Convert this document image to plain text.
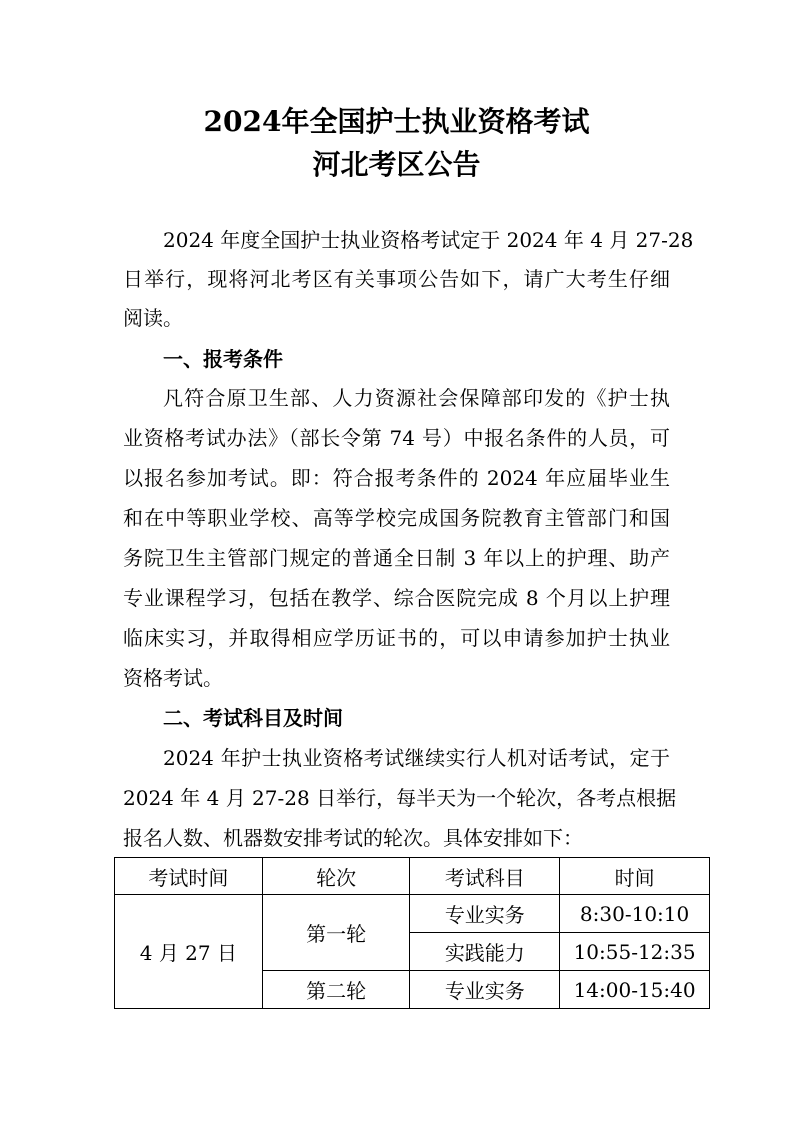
2024年全国护士执业资格考试
河北考区公告
2024 年度全国护士执业资格考试定于 2024 年 4 月 27-28
日举行，现将河北考区有关事项公告如下，请广大考生仔细
阅读。
一、报考条件
凡符合原卫生部、人力资源社会保障部印发的《护士执
业资格考试办法》（部长令第 74 号）中报名条件的人员，可
以报名参加考试。即：符合报考条件的 2024 年应届毕业生
和在中等职业学校、高等学校完成国务院教育主管部门和国
务院卫生主管部门规定的普通全日制 3 年以上的护理、助产
专业课程学习，包括在教学、综合医院完成 8 个月以上护理
临床实习，并取得相应学历证书的，可以申请参加护士执业
资格考试。
二、考试科目及时间
2024 年护士执业资格考试继续实行人机对话考试，定于
2024 年 4 月 27-28 日举行，每半天为一个轮次，各考点根据
报名人数、机器数安排考试的轮次。具体安排如下：
考试时间	轮次	考试科目	时间
4 月 27 日	第一轮	专业实务	8:30-10:10
		实践能力	10:55-12:35
	第二轮	专业实务	14:00-15:40
